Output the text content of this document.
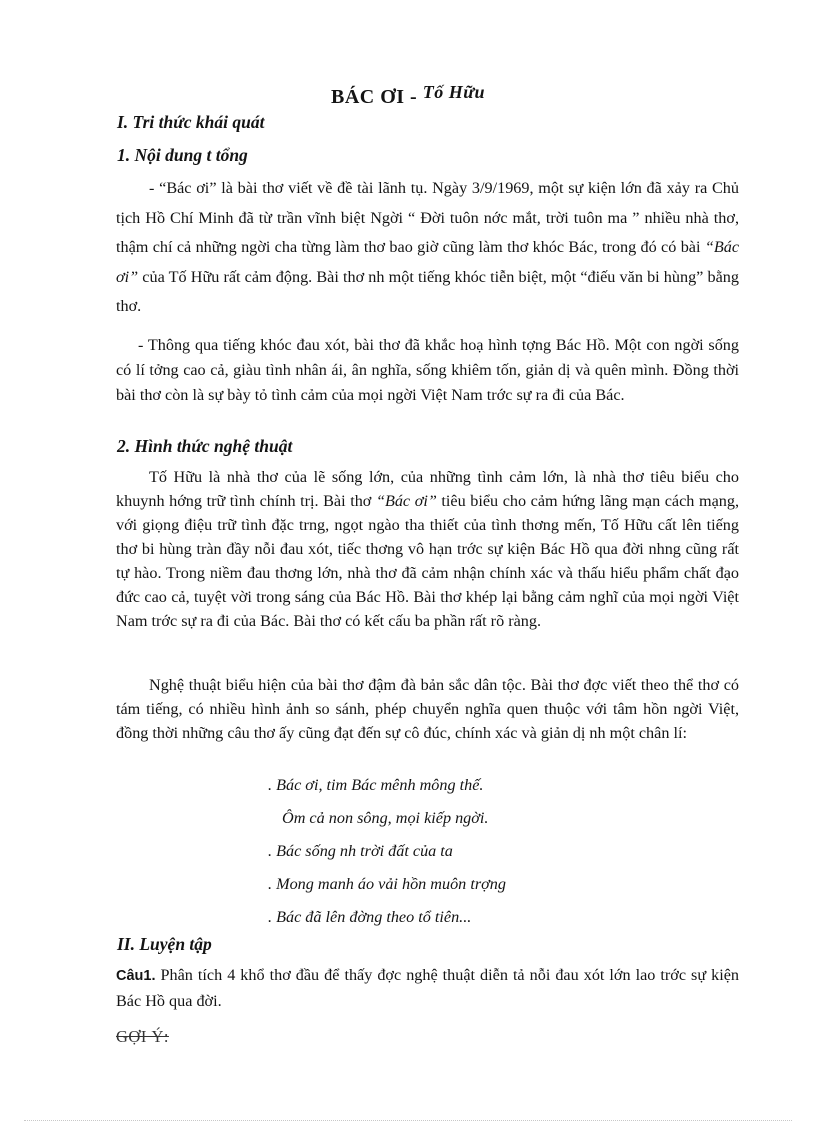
BÁC ƠI - Tố Hữu
I. Tri thức khái quát
1. Nội dung t tổng

- “Bác ơi” là bài thơ viết về đề tài lãnh tụ. Ngày 3/9/1969, một sự kiện lớn đã xảy ra Chủ tịch Hồ Chí Minh đã từ trần vĩnh biệt Ngời “ Đời tuôn nớc mắt, trời tuôn ma ” nhiều nhà thơ, thậm chí cả những ngời cha từng làm thơ bao giờ cũng làm thơ khóc Bác, trong đó có bài “Bác ơi” của Tố Hữu rất cảm động. Bài thơ nh một tiếng khóc tiễn biệt, một “điếu văn bi hùng” bằng thơ.

- Thông qua tiếng khóc đau xót, bài thơ đã khắc hoạ hình tợng Bác Hồ. Một con ngời sống có lí tởng cao cả, giàu tình nhân ái, ân nghĩa, sống khiêm tốn, giản dị và quên mình. Đồng thời bài thơ còn là sự bày tỏ tình cảm của mọi ngời Việt Nam trớc sự ra đi của Bác.

2. Hình thức nghệ thuật

Tố Hữu là nhà thơ của lẽ sống lớn, của những tình cảm lớn, là nhà thơ tiêu biểu cho khuynh hớng trữ tình chính trị. Bài thơ “Bác ơi” tiêu biểu cho cảm hứng lãng mạn cách mạng, với giọng điệu trữ tình đặc trng, ngọt ngào tha thiết của tình thơng mến, Tố Hữu cất lên tiếng thơ bi hùng tràn đầy nỗi đau xót, tiếc thơng vô hạn trớc sự kiện Bác Hồ qua đời nhng cũng rất tự hào. Trong niềm đau thơng lớn, nhà thơ đã cảm nhận chính xác và thấu hiểu phẩm chất đạo đức cao cả, tuyệt vời trong sáng của Bác Hồ. Bài thơ khép lại bằng cảm nghĩ của mọi ngời Việt Nam trớc sự ra đi của Bác. Bài thơ có kết cấu ba phần rất rõ ràng.

Nghệ thuật biểu hiện của bài thơ đậm đà bản sắc dân tộc. Bài thơ đợc viết theo thể thơ có tám tiếng, có nhiều hình ảnh so sánh, phép chuyển nghĩa quen thuộc với tâm hồn ngời Việt, đồng thời những câu thơ ấy cũng đạt đến sự cô đúc, chính xác và giản dị nh một chân lí:

. Bác ơi, tim Bác mênh mông thế.
Ôm cả non sông, mọi kiếp ngời.
. Bác sống nh trời đất của ta
. Mong manh áo vải hồn muôn trợng
. Bác đã lên đờng theo tổ tiên...
II. Luyện tập

Câu1. Phân tích 4 khổ thơ đầu để thấy đợc nghệ thuật diễn tả nỗi đau xót lớn lao trớc sự kiện Bác Hồ qua đời.

GỢI Ý:
